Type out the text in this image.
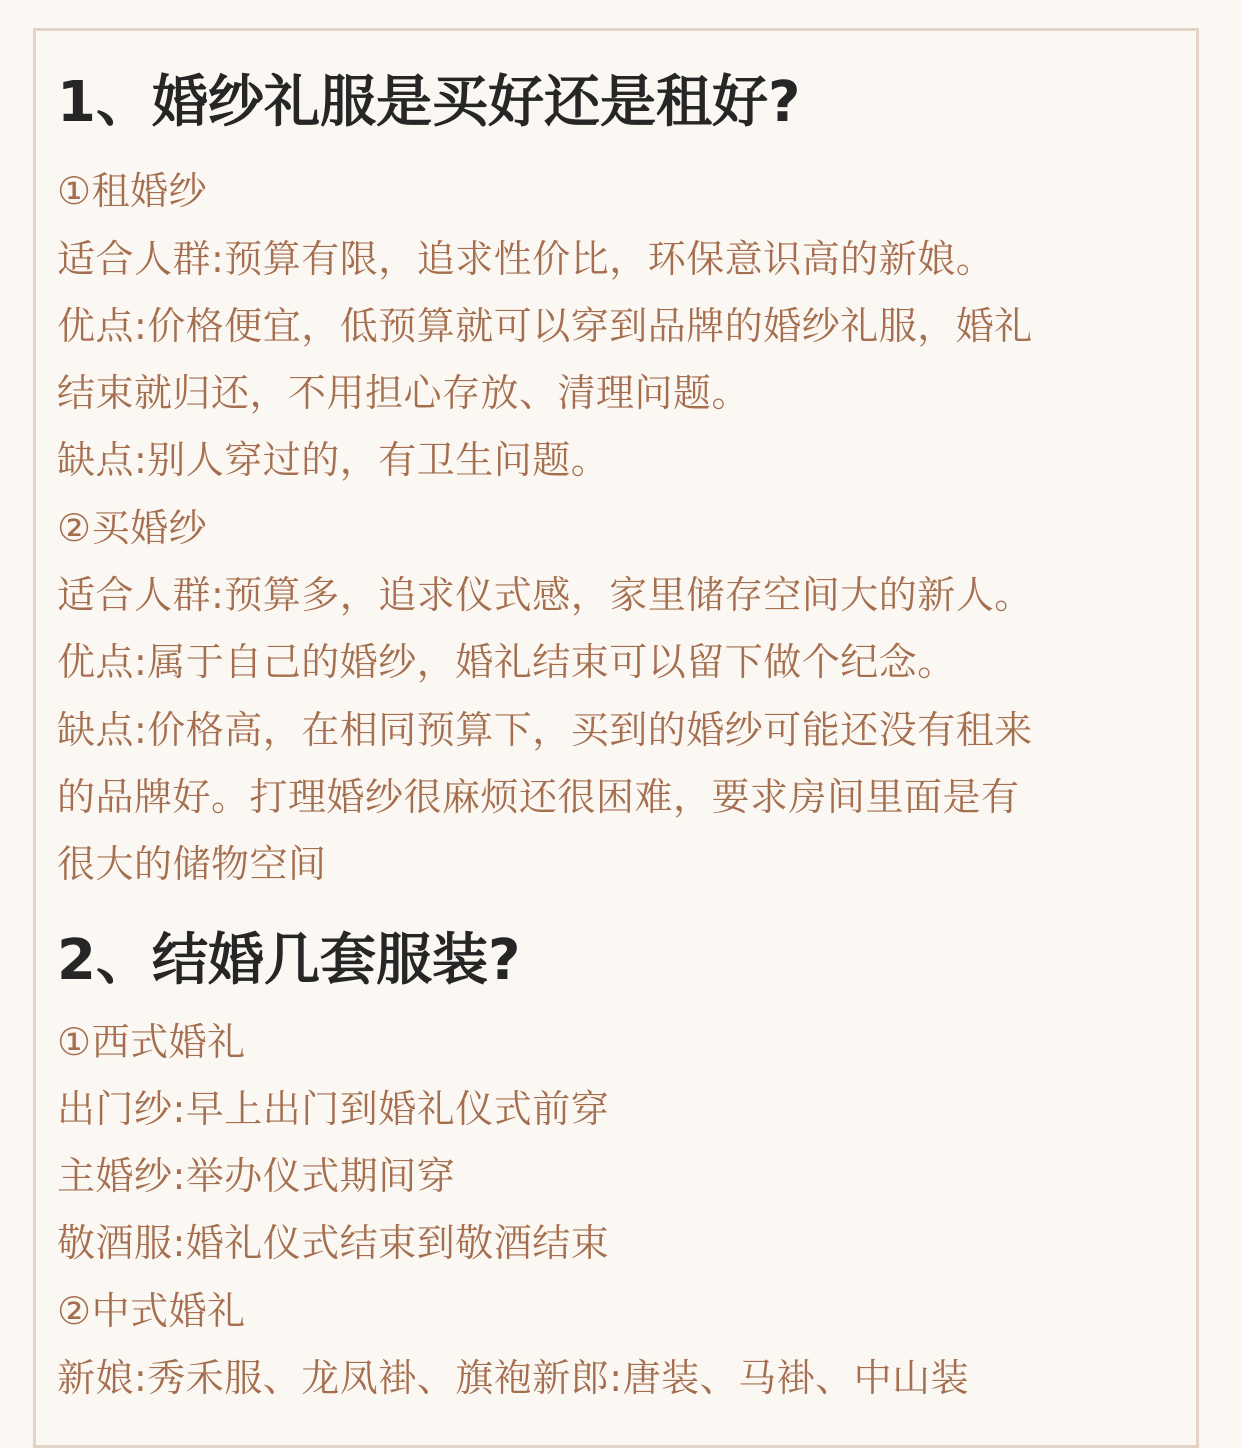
1、婚纱礼服是买好还是租好?

①租婚纱

适合人群:预算有限，追求性价比，环保意识高的新娘。

优点:价格便宜，低预算就可以穿到品牌的婚纱礼服，婚礼

结束就归还，不用担心存放、清理问题。

缺点:别人穿过的，有卫生问题。

②买婚纱

适合人群:预算多，追求仪式感，家里储存空间大的新人。

优点:属于自己的婚纱，婚礼结束可以留下做个纪念。

缺点:价格高，在相同预算下，买到的婚纱可能还没有租来

的品牌好。打理婚纱很麻烦还很困难，要求房间里面是有

很大的储物空间

2、结婚几套服装?

①西式婚礼

出门纱:早上出门到婚礼仪式前穿

主婚纱:举办仪式期间穿

敬酒服:婚礼仪式结束到敬酒结束

②中式婚礼

新娘:秀禾服、龙凤褂、旗袍新郎:唐装、马褂、中山装
